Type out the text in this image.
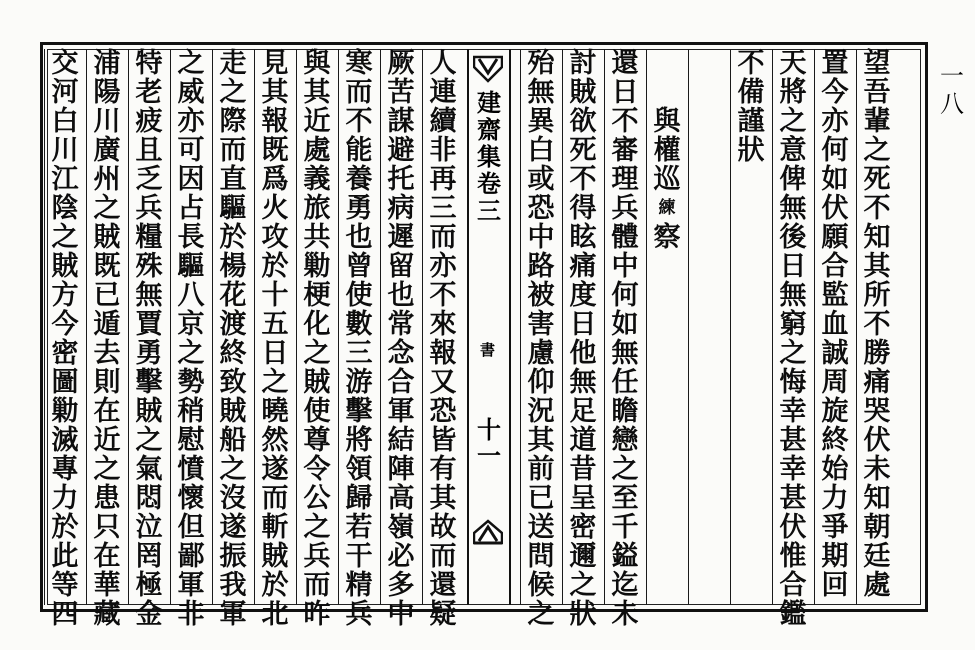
望
吾
輩
之
死
不
知
其
所
不
勝
痛
哭
伏
未
知
朝
廷
處
置
今
亦
何
如
伏
願
合
監
血
誠
周
旋
終
始
力
爭
期
回
天
將
之
意
俾
無
後
日
無
窮
之
悔
幸
甚
幸
甚
伏
惟
合
鑑
不
備
謹
狀
與
權
巡
練
察
還
日
不
審
理
兵
體
中
何
如
無
任
瞻
戀
之
至
千
鎰
迄
未
討
賊
欲
死
不
得
眩
痛
度
日
他
無
足
道
昔
呈
密
邇
之
狀
殆
無
異
白
或
恐
中
路
被
害
慮
仰
況
其
前
已
送
問
候
之
人
連
續
非
再
三
而
亦
不
來
報
又
恐
皆
有
其
故
而
還
疑
厥
苦
謀
避
托
病
遲
留
也
常
念
合
軍
結
陣
高
嶺
必
多
中
寒
而
不
能
養
勇
也
曾
使
數
三
游
擊
將
領
歸
若
干
精
兵
與
其
近
處
義
旅
共
勦
梗
化
之
賊
使
尊
令
公
之
兵
而
昨
見
其
報
既
爲
火
攻
於
十
五
日
之
曉
然
遂
而
斬
賊
於
北
走
之
際
而
直
驅
於
楊
花
渡
終
致
賊
船
之
沒
遂
振
我
軍
之
威
亦
可
因
占
長
驅
八
京
之
勢
稍
慰
憤
懷
但
鄙
軍
非
特
老
疲
且
乏
兵
糧
殊
無
賈
勇
擊
賊
之
氣
悶
泣
罔
極
金
浦
陽
川
廣
州
之
賊
既
已
遁
去
則
在
近
之
患
只
在
華
藏
交
河
白
川
江
陰
之
賊
方
今
密
圖
勦
滅
專
力
於
此
等
四
建
齋
集
卷
三
書
十
一
一
八
